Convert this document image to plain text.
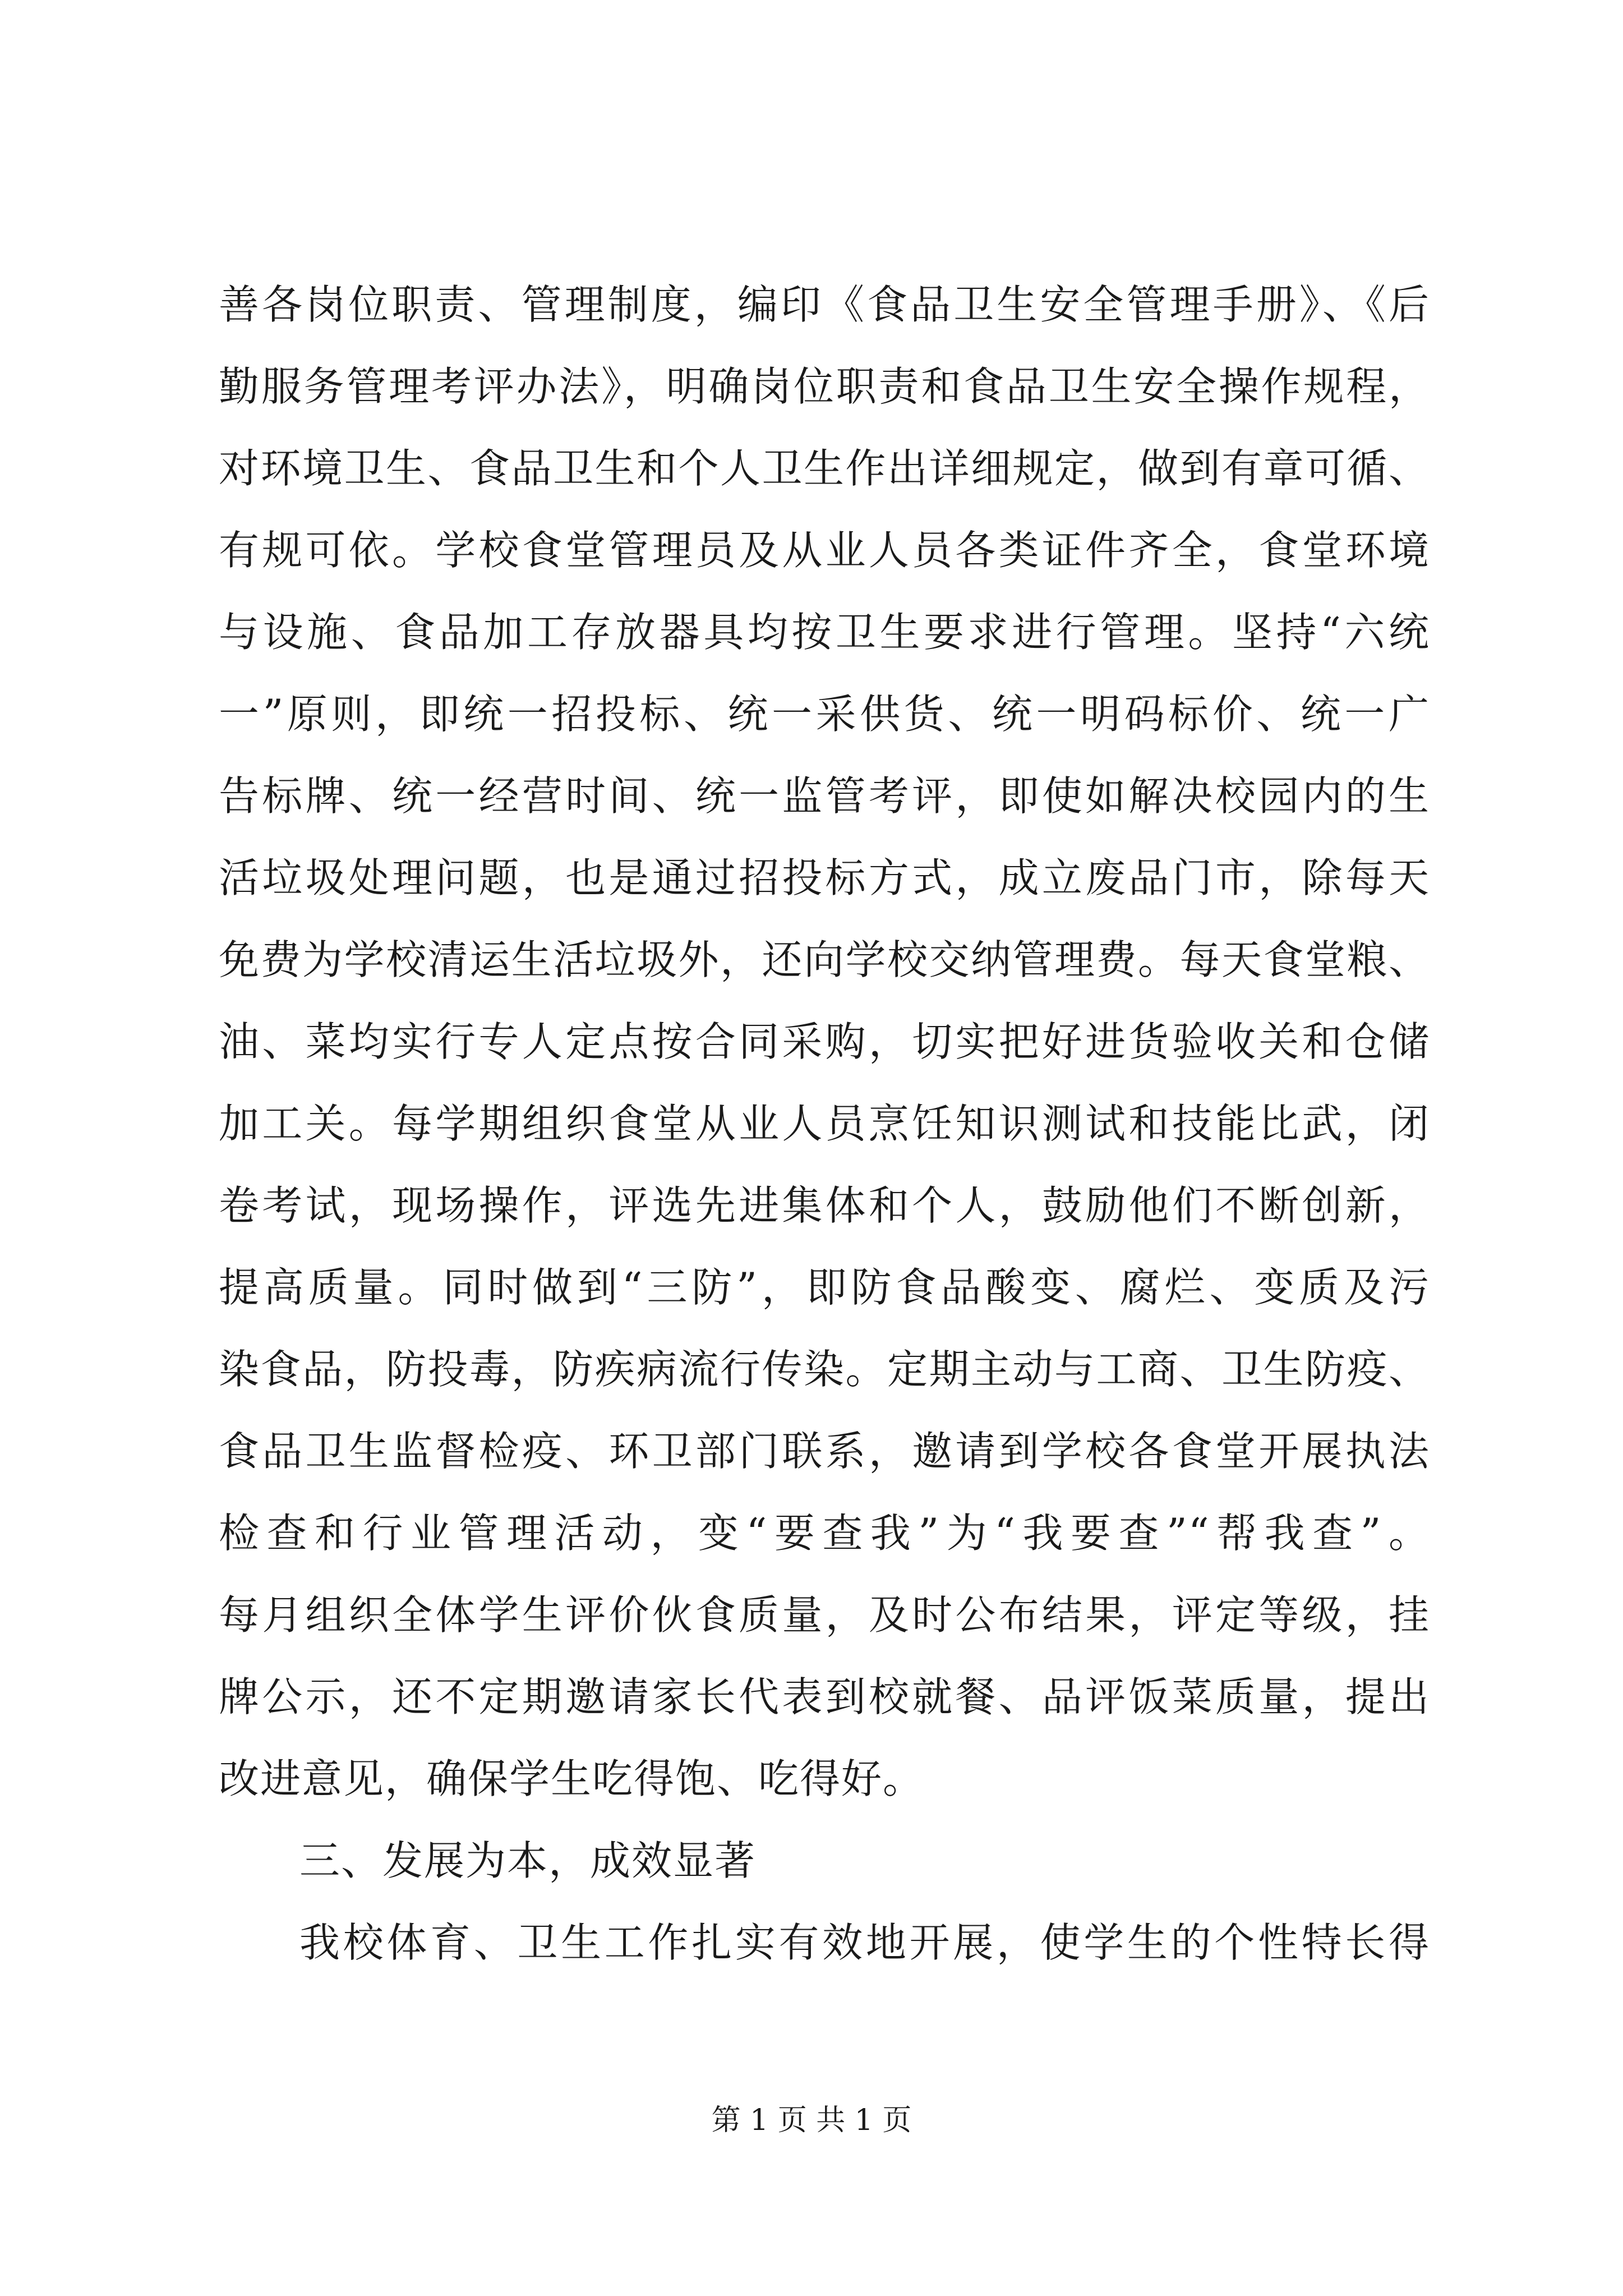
善各岗位职责、管理制度，编印《食品卫生安全管理手册》、《后
勤服务管理考评办法》，明确岗位职责和食品卫生安全操作规程，
对环境卫生、食品卫生和个人卫生作出详细规定，做到有章可循、
有规可依。学校食堂管理员及从业人员各类证件齐全，食堂环境
与设施、食品加工存放器具均按卫生要求进行管理。坚持“六统
一”原则，即统一招投标、统一采供货、统一明码标价、统一广
告标牌、统一经营时间、统一监管考评，即使如解决校园内的生
活垃圾处理问题，也是通过招投标方式，成立废品门市，除每天
免费为学校清运生活垃圾外，还向学校交纳管理费。每天食堂粮、
油、菜均实行专人定点按合同采购，切实把好进货验收关和仓储
加工关。每学期组织食堂从业人员烹饪知识测试和技能比武，闭
卷考试，现场操作，评选先进集体和个人，鼓励他们不断创新，
提高质量。同时做到“三防”，即防食品酸变、腐烂、变质及污
染食品，防投毒，防疾病流行传染。定期主动与工商、卫生防疫、
食品卫生监督检疫、环卫部门联系，邀请到学校各食堂开展执法
检查和行业管理活动，变“要查我”为“我要查”“帮我查”。
每月组织全体学生评价伙食质量，及时公布结果，评定等级，挂
牌公示，还不定期邀请家长代表到校就餐、品评饭菜质量，提出
改进意见，确保学生吃得饱、吃得好。
三、发展为本，成效显著
我校体育、卫生工作扎实有效地开展，使学生的个性特长得
第 1 页 共 1 页
